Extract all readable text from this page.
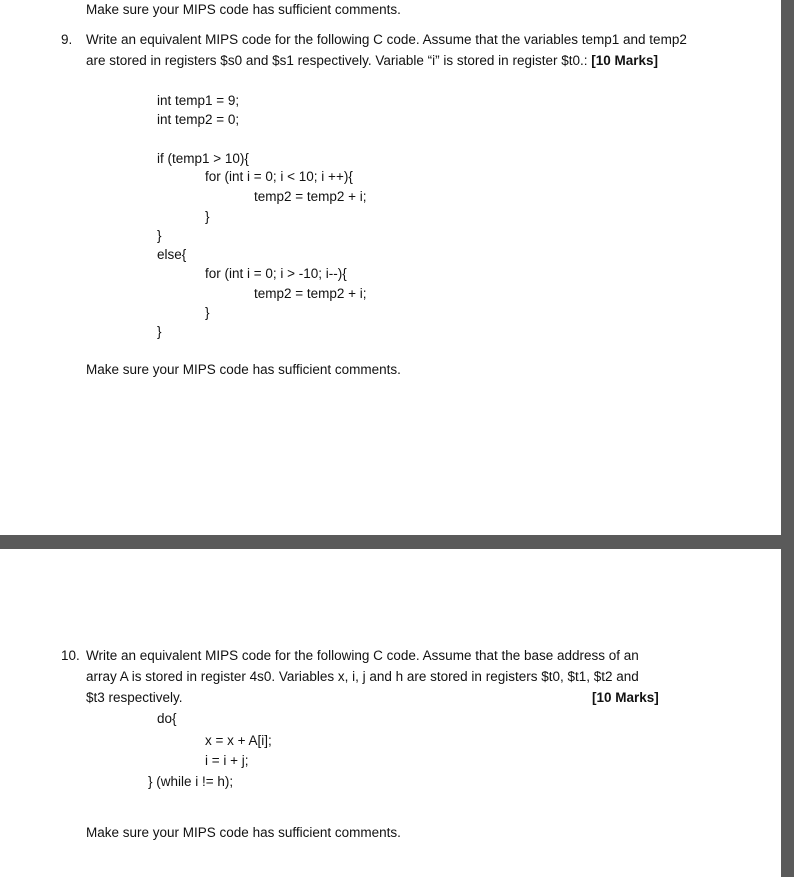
Make sure your MIPS code has sufficient comments.
9. Write an equivalent MIPS code for the following C code. Assume that the variables temp1 and temp2
are stored in registers $s0 and $s1 respectively. Variable “i” is stored in register $t0.: [10 Marks]
int temp1 = 9;
int temp2 = 0;
if (temp1 > 10){
for (int i = 0; i < 10; i ++){
temp2 = temp2 + i;
}
}
else{
for (int i = 0; i > -10; i--){
temp2 = temp2 + i;
}
}
Make sure your MIPS code has sufficient comments.
10. Write an equivalent MIPS code for the following C code. Assume that the base address of an
array A is stored in register 4s0. Variables x, i, j and h are stored in registers $t0, $t1, $t2 and
$t3 respectively.	[10 Marks]
do{
x = x + A[i];
i = i + j;
} (while i != h);
Make sure your MIPS code has sufficient comments.
